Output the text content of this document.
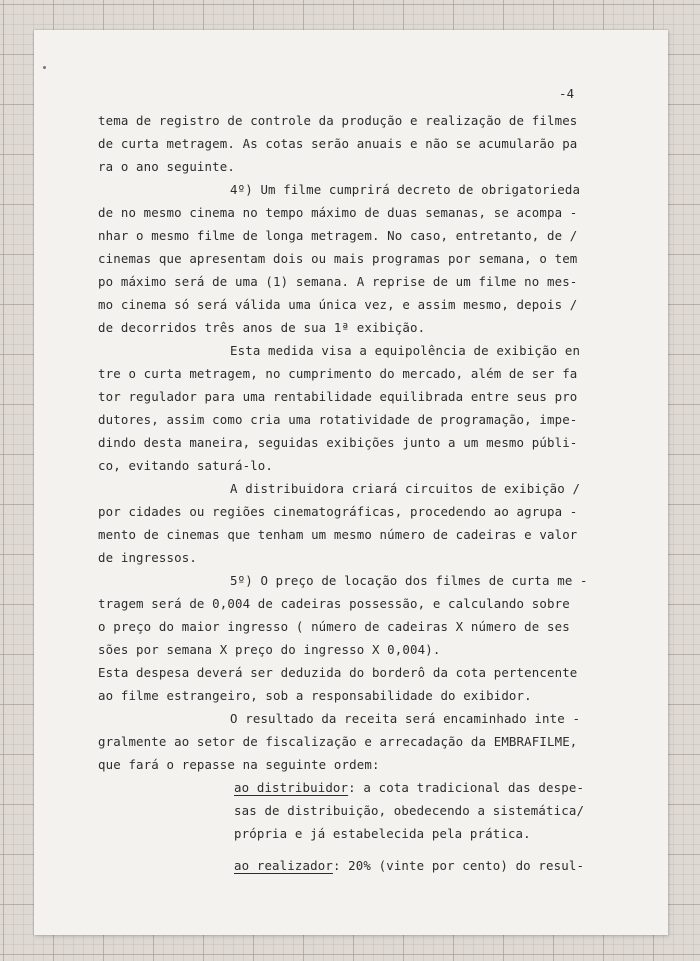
-4

tema de registro de controle da produção e realização de filmes

de curta metragem. As cotas serão anuais e não se acumularão pa

ra o ano seguinte.

4º) Um filme cumprirá decreto de obrigatorieda

de no mesmo cinema no tempo máximo de duas semanas, se acompa -

nhar o mesmo filme de longa metragem. No caso, entretanto, de /

cinemas que apresentam dois ou mais programas por semana, o tem

po máximo será de uma (1) semana. A reprise de um filme no mes-

mo cinema só será válida uma única vez, e assim mesmo, depois /

de decorridos três anos de sua 1ª exibição.

Esta medida visa a equipolência de exibição en

tre o curta metragem, no cumprimento do mercado, além de ser fa

tor regulador para uma rentabilidade equilibrada entre seus pro

dutores, assim como cria uma rotatividade de programação, impe-

dindo desta maneira, seguidas exibições junto a um mesmo públi-

co, evitando saturá-lo.

A distribuidora criará circuitos de exibição /

por cidades ou regiões cinematográficas, procedendo ao agrupa -

mento de cinemas que tenham um mesmo número de cadeiras e valor

de ingressos.

5º) O preço de locação dos filmes de curta me -

tragem será de 0,004 de cadeiras possessão, e calculando sobre

o preço do maior ingresso ( número de cadeiras X número de ses

sões por semana X preço do ingresso X 0,004).

Esta despesa deverá ser deduzida do borderô da cota pertencente

ao filme estrangeiro, sob a responsabilidade do exibidor.

O resultado da receita será encaminhado inte -

gralmente ao setor de fiscalização e arrecadação da EMBRAFILME,

que fará o repasse na seguinte ordem:

ao distribuidor: a cota tradicional das despe-

sas de distribuição, obedecendo a sistemática/

própria e já estabelecida pela prática.

ao realizador: 20% (vinte por cento) do resul-
